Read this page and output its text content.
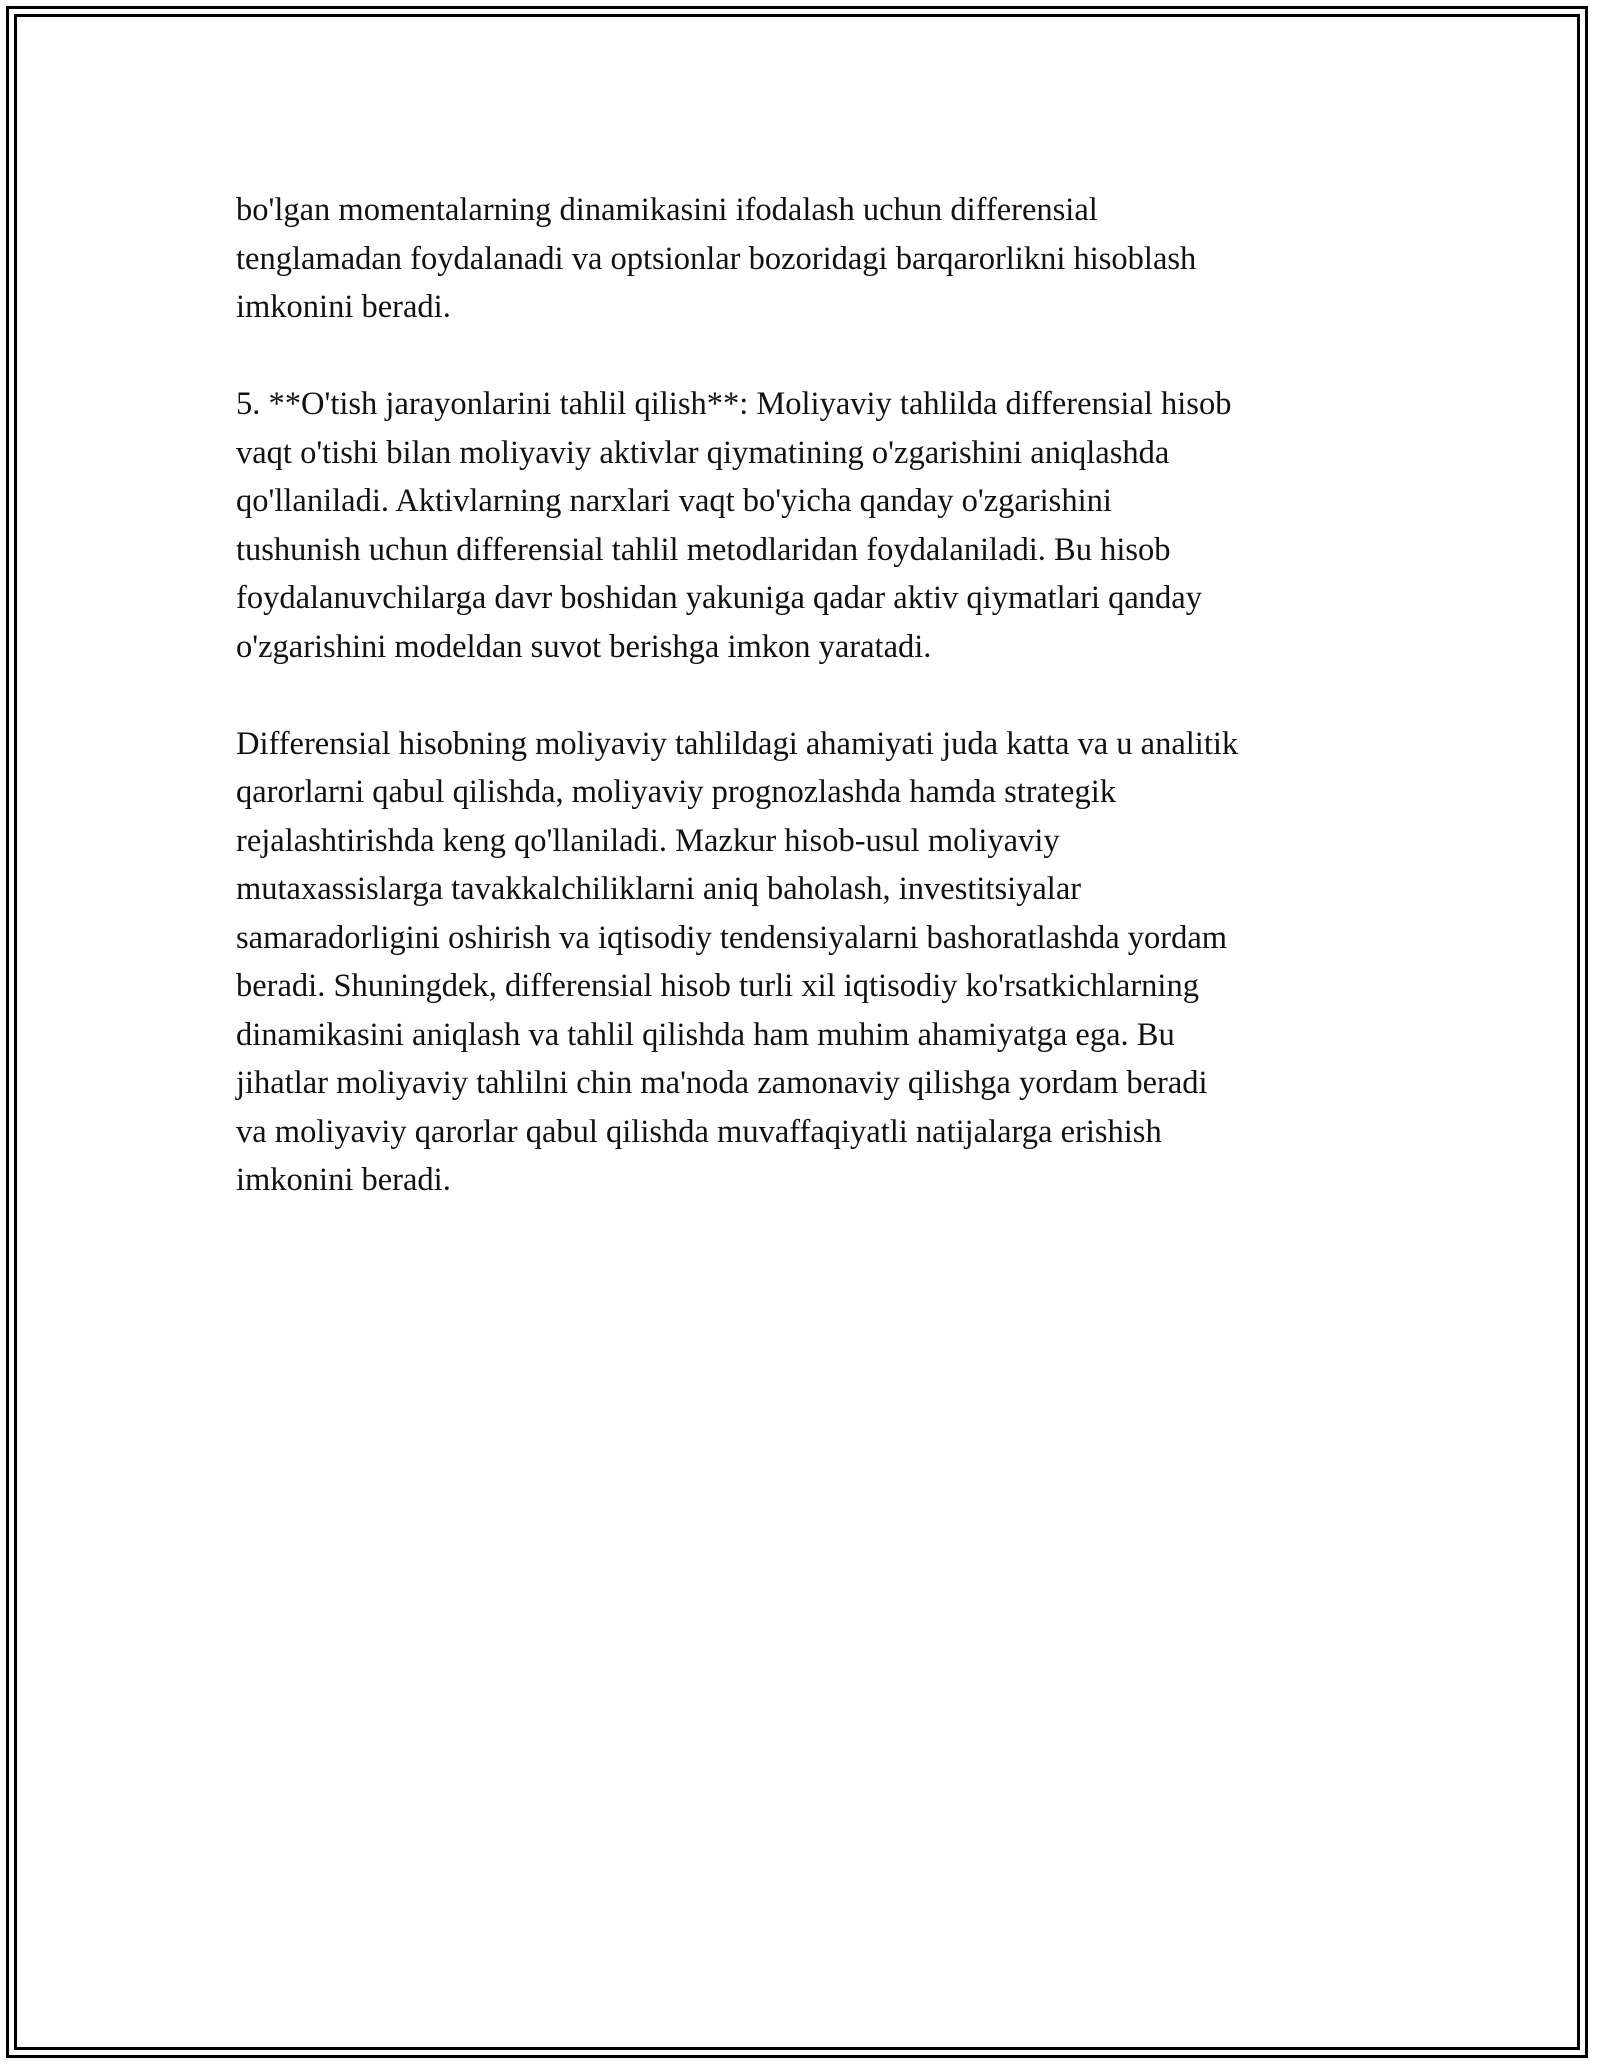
bo'lgan momentalarning dinamikasini ifodalash uchun differensial
tenglamadan foydalanadi va optsionlar bozoridagi barqarorlikni hisoblash
imkonini beradi.

5. **O'tish jarayonlarini tahlil qilish**: Moliyaviy tahlilda differensial hisob
vaqt o'tishi bilan moliyaviy aktivlar qiymatining o'zgarishini aniqlashda
qo'llaniladi. Aktivlarning narxlari vaqt bo'yicha qanday o'zgarishini
tushunish uchun differensial tahlil metodlaridan foydalaniladi. Bu hisob
foydalanuvchilarga davr boshidan yakuniga qadar aktiv qiymatlari qanday
o'zgarishini modeldan suvot berishga imkon yaratadi.

Differensial hisobning moliyaviy tahlildagi ahamiyati juda katta va u analitik
qarorlarni qabul qilishda, moliyaviy prognozlashda hamda strategik
rejalashtirishda keng qo'llaniladi. Mazkur hisob-usul moliyaviy
mutaxassislarga tavakkalchiliklarni aniq baholash, investitsiyalar
samaradorligini oshirish va iqtisodiy tendensiyalarni bashoratlashda yordam
beradi. Shuningdek, differensial hisob turli xil iqtisodiy ko'rsatkichlarning
dinamikasini aniqlash va tahlil qilishda ham muhim ahamiyatga ega. Bu
jihatlar moliyaviy tahlilni chin ma'noda zamonaviy qilishga yordam beradi
va moliyaviy qarorlar qabul qilishda muvaffaqiyatli natijalarga erishish
imkonini beradi.
